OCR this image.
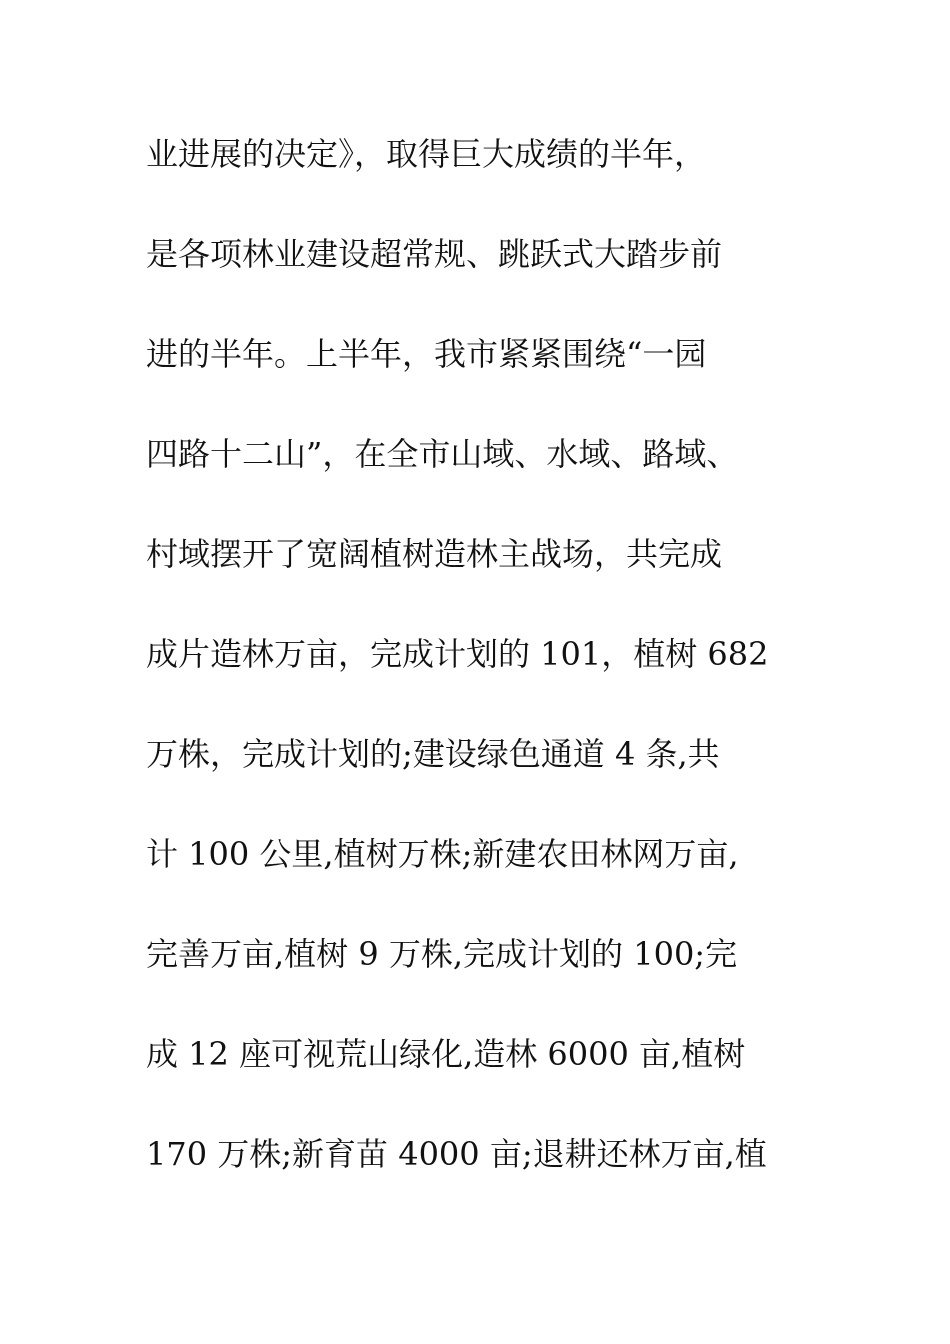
业进展的决定》，取得巨大成绩的半年，
是各项林业建设超常规、跳跃式大踏步前
进的半年。上半年，我市紧紧围绕“一园
四路十二山”，在全市山域、水域、路域、
村域摆开了宽阔植树造林主战场，共完成
成片造林万亩，完成计划的 101，植树 682
万株，完成计划的;建设绿色通道 4 条,共
计 100 公里,植树万株;新建农田林网万亩,
完善万亩,植树 9 万株,完成计划的 100;完
成 12 座可视荒山绿化,造林 6000 亩,植树
170 万株;新育苗 4000 亩;退耕还林万亩,植
